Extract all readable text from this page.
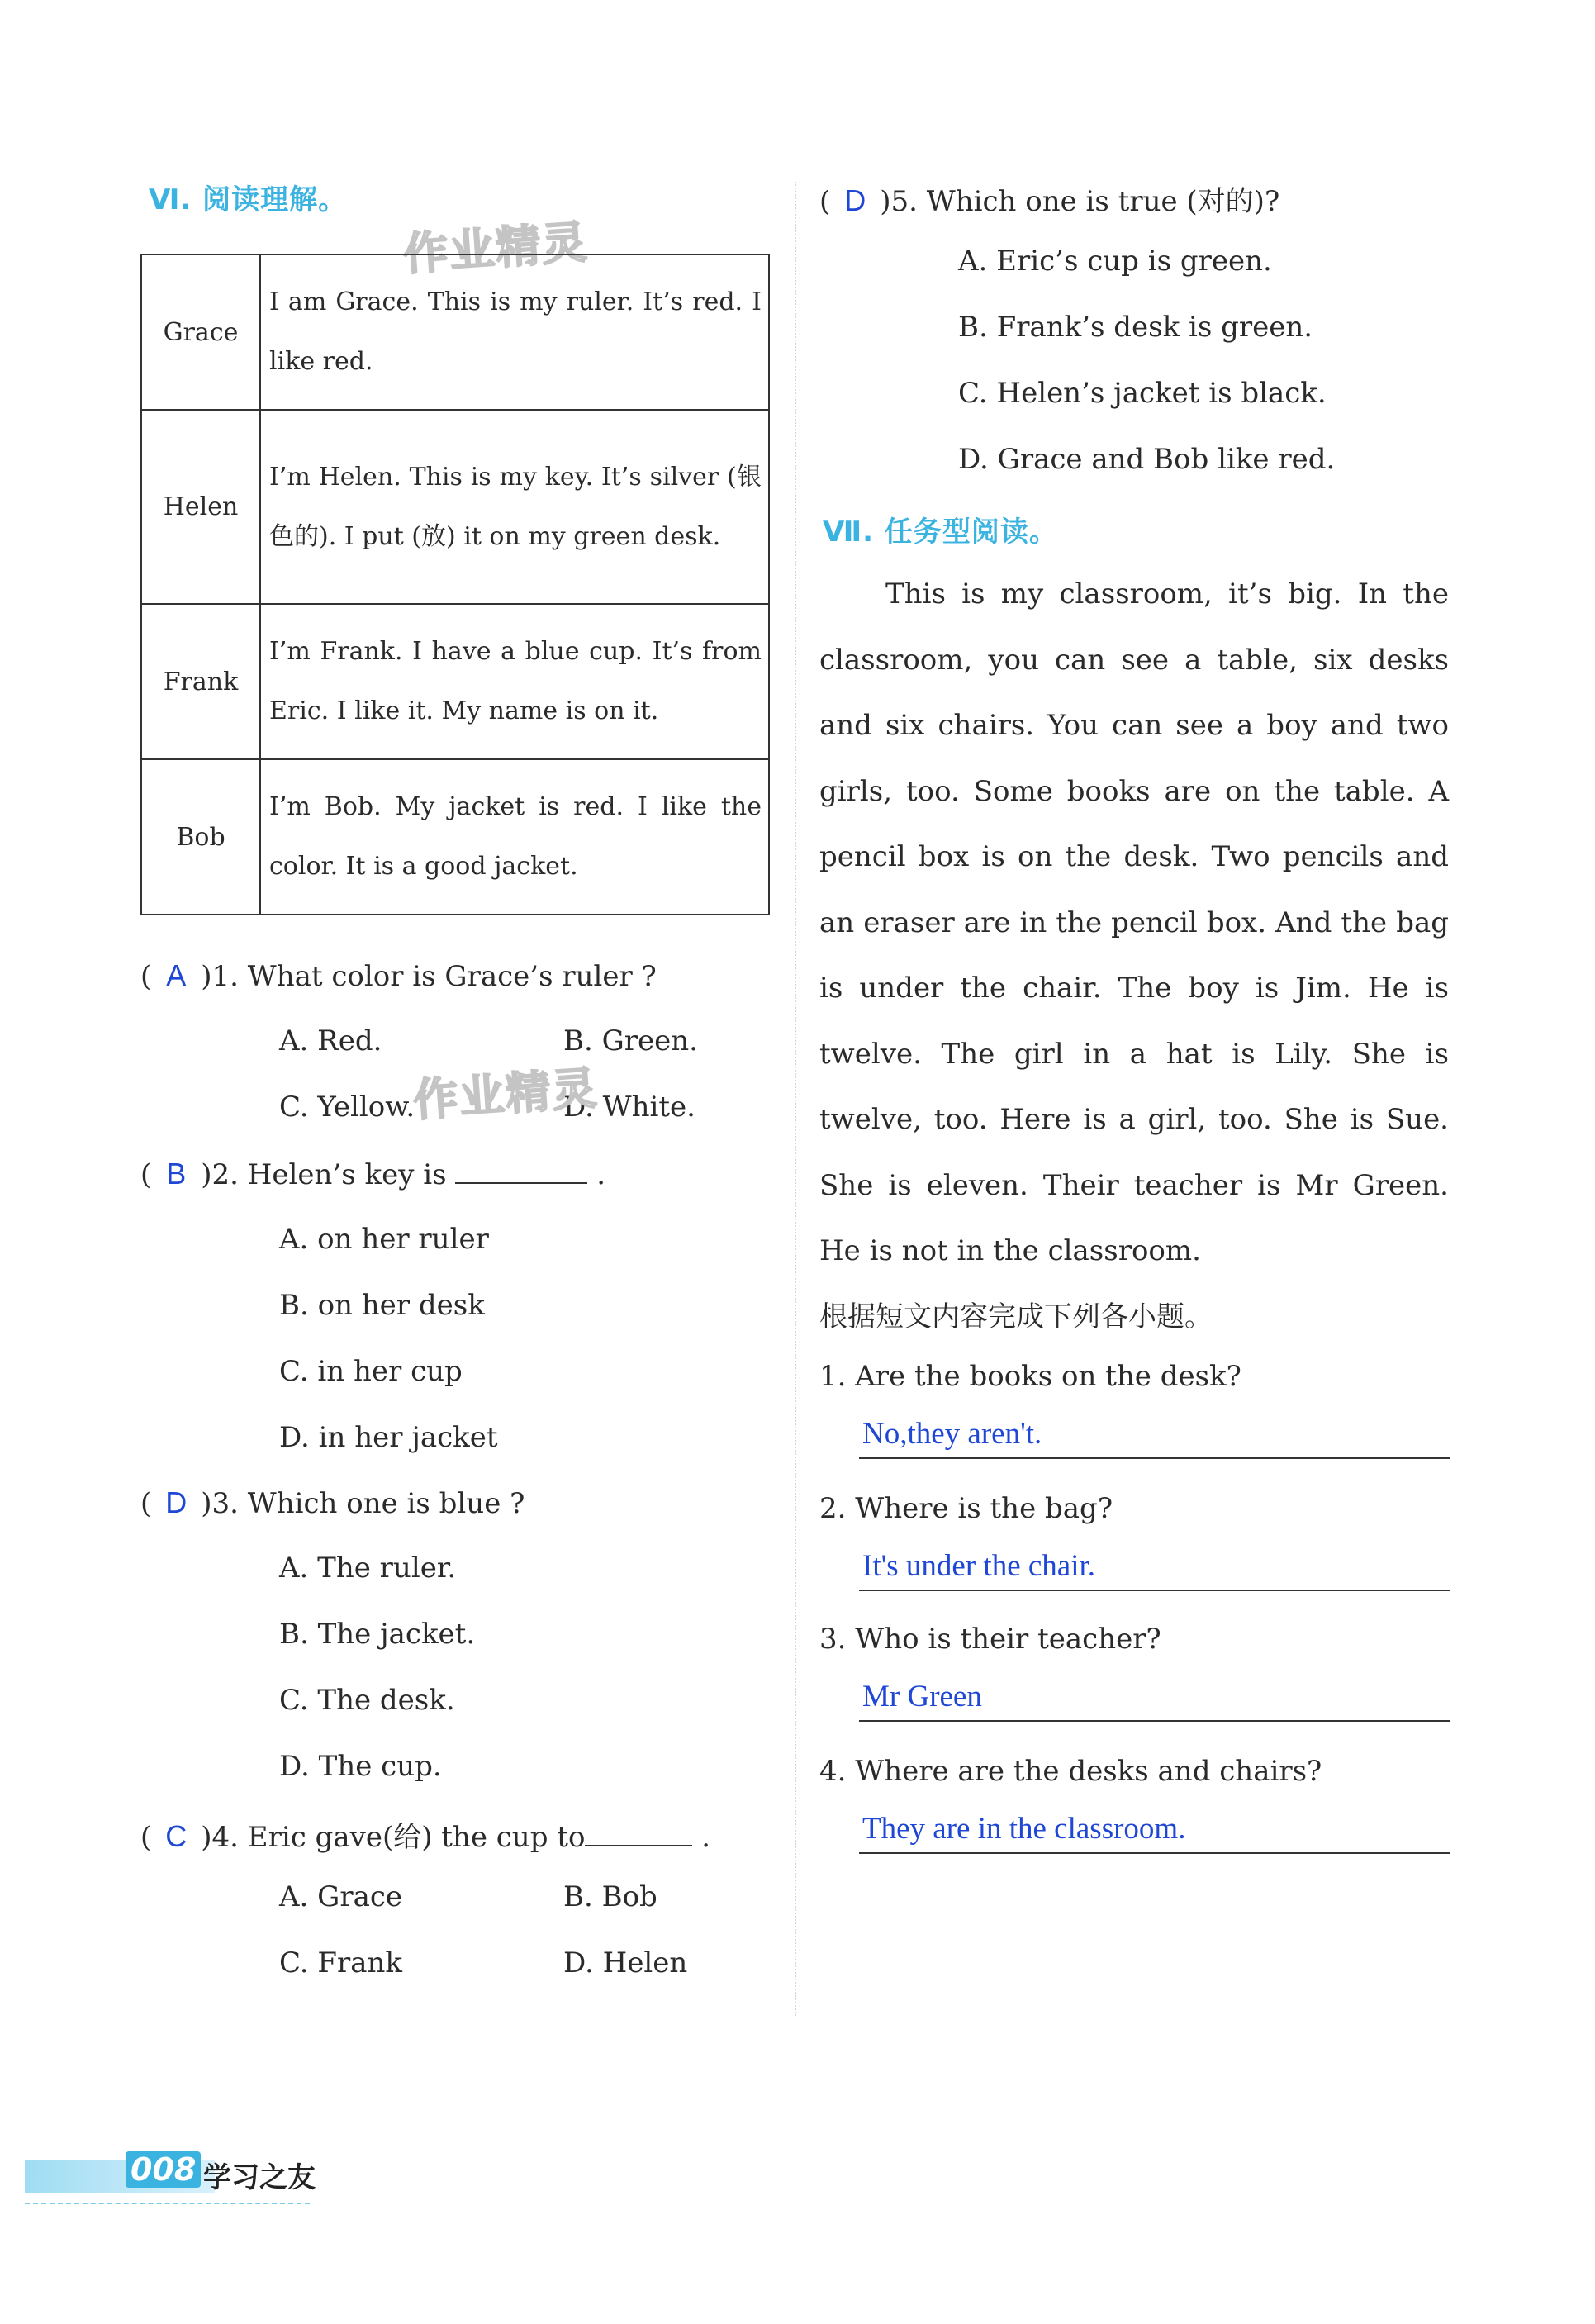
Ⅵ. 阅读理解。
作业精灵
Grace	I am Grace. This is my ruler. It’s red. I like red.
Helen	I’m Helen. This is my key. It’s silver (银色的). I put (放) it on my green desk.
Frank	I’m Frank. I have a blue cup. It’s from Eric. I like it. My name is on it.
Bob	I’m Bob. My jacket is red. I like the color. It is a good jacket.
( A )1. What color is Grace’s ruler ?
A. Red.	B. Green.
C. Yellow.	D. White.
作业精灵
( B )2. Helen’s key is	.
A. on her ruler
B. on her desk
C. in her cup
D. in her jacket
( D )3. Which one is blue ?
A. The ruler.
B. The jacket.
C. The desk.
D. The cup.
( C )4. Eric gave(给) the cup to	.
A. Grace	B. Bob
C. Frank	D. Helen
( D )5. Which one is true (对的)?
A. Eric’s cup is green.
B. Frank’s desk is green.
C. Helen’s jacket is black.
D. Grace and Bob like red.
Ⅶ. 任务型阅读。

This is my classroom, it’s big. In the classroom, you can see a table, six desks and six chairs. You can see a boy and two girls, too. Some books are on the table. A pencil box is on the desk. Two pencils and an eraser are in the pencil box. And the bag is under the chair. The boy is Jim. He is twelve. The girl in a hat is Lily. She is twelve, too. Here is a girl, too. She is Sue. She is eleven. Their teacher is Mr Green. He is not in the classroom.

根据短文内容完成下列各小题。
1. Are the books on the desk?
No,they aren't.
2. Where is the bag?
It's under the chair.
3. Who is their teacher?
Mr Green
4. Where are the desks and chairs?
They are in the classroom.
008 学习之友
